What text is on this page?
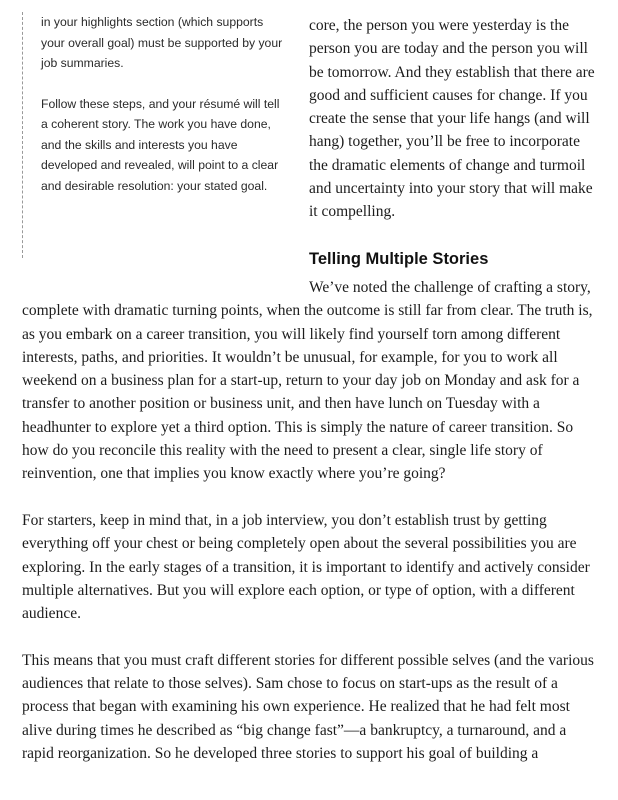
in your highlights section (which supports your overall goal) must be supported by your job summaries.

Follow these steps, and your résumé will tell a coherent story. The work you have done, and the skills and interests you have developed and revealed, will point to a clear and desirable resolution: your stated goal.

core, the person you were yesterday is the person you are today and the person you will be tomorrow. And they establish that there are good and sufficient causes for change. If you create the sense that your life hangs (and will hang) together, you’ll be free to incorporate the dramatic elements of change and turmoil and uncertainty into your story that will make it compelling.

Telling Multiple Stories

We’ve noted the challenge of crafting a story, complete with dramatic turning points, when the outcome is still far from clear. The truth is, as you embark on a career transition, you will likely find yourself torn among different interests, paths, and priorities. It wouldn’t be unusual, for example, for you to work all weekend on a business plan for a start-up, return to your day job on Monday and ask for a transfer to another position or business unit, and then have lunch on Tuesday with a headhunter to explore yet a third option. This is simply the nature of career transition. So how do you reconcile this reality with the need to present a clear, single life story of reinvention, one that implies you know exactly where you’re going?

For starters, keep in mind that, in a job interview, you don’t establish trust by getting everything off your chest or being completely open about the several possibilities you are exploring. In the early stages of a transition, it is important to identify and actively consider multiple alternatives. But you will explore each option, or type of option, with a different audience.

This means that you must craft different stories for different possible selves (and the various audiences that relate to those selves). Sam chose to focus on start-ups as the result of a process that began with examining his own experience. He realized that he had felt most alive during times he described as “big change fast”—a bankruptcy, a turnaround, and a rapid reorganization. So he developed three stories to support his goal of building a
